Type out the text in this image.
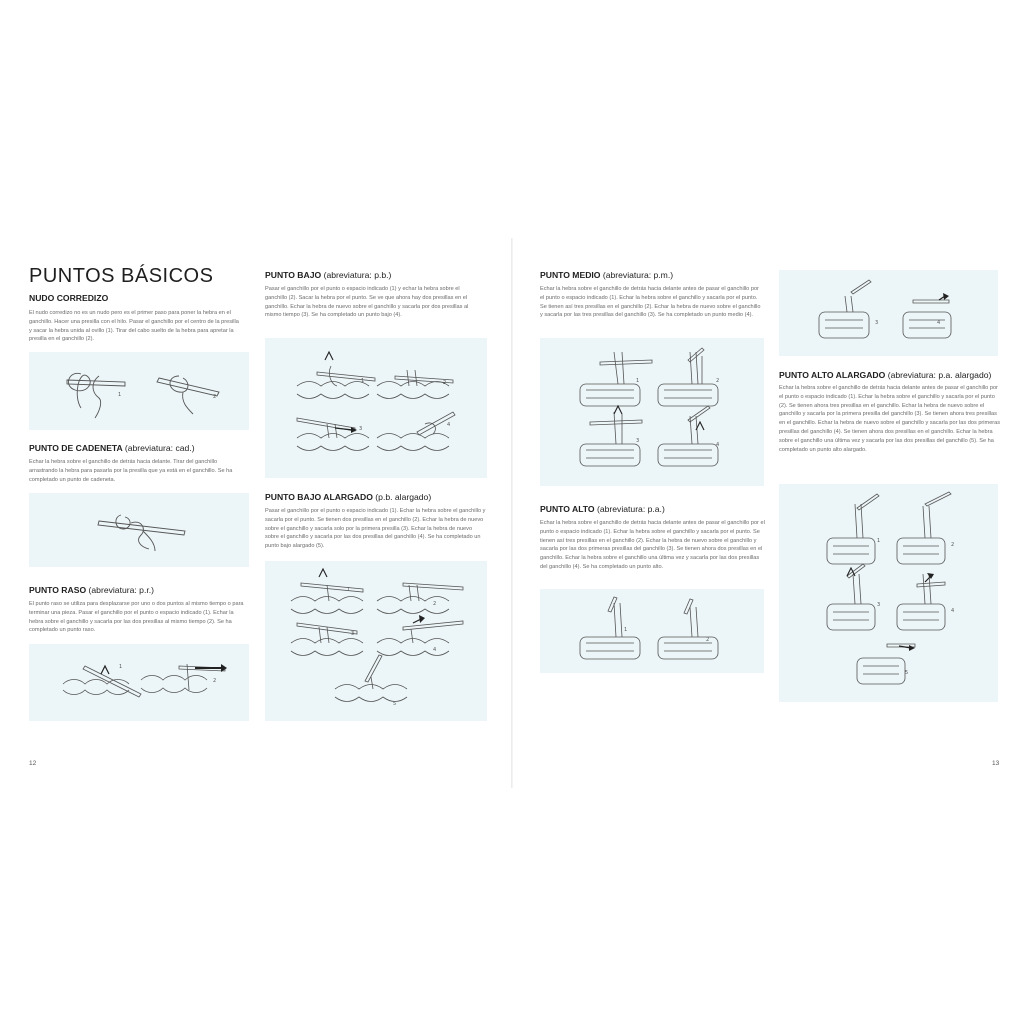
PUNTOS BÁSICOS
NUDO CORREDIZO

El nudo corredizo no es un nudo pero es el primer paso para poner la hebra en el ganchillo. Hacer una presilla con el hilo. Pasar el ganchillo por el centro de la presilla y sacar la hebra unida al ovillo (1). Tirar del cabo suelto de la hebra para apretar la presilla en el ganchillo (2).

1	2
PUNTO DE CADENETA (abreviatura: cad.)

Echar la hebra sobre el ganchillo de detrás hacia delante. Tirar del ganchillo arrastrando la hebra para pasarla por la presilla que ya está en el ganchillo. Se ha completado un punto de cadeneta.

PUNTO RASO (abreviatura: p.r.)

El punto raso se utiliza para desplazarse por uno o dos puntos al mismo tiempo o para terminar una pieza. Pasar el ganchillo por el punto o espacio indicado (1). Echar la hebra sobre el ganchillo y sacarla por las dos presillas al mismo tiempo (2). Se ha completado un punto raso.

1
2
12
PUNTO BAJO (abreviatura: p.b.)

Pasar el ganchillo por el punto o espacio indicado (1) y echar la hebra sobre el ganchillo (2). Sacar la hebra por el punto. Se ve que ahora hay dos presillas en el ganchillo. Echar la hebra de nuevo sobre el ganchillo y sacarla por dos presillas al mismo tiempo (3). Se ha completado un punto bajo (4).

1	2
3
4
PUNTO BAJO ALARGADO (p.b. alargado)

Pasar el ganchillo por el punto o espacio indicado (1). Echar la hebra sobre el ganchillo y sacarla por el punto. Se tienen dos presillas en el ganchillo (2). Echar la hebra de nuevo sobre el ganchillo y sacarla solo por la primera presilla (3). Echar la hebra de nuevo sobre el ganchillo y sacarla por las dos presillas del ganchillo (4). Se ha completado un punto bajo alargado (5).

1
2
3
4
5
PUNTO MEDIO (abreviatura: p.m.)

Echar la hebra sobre el ganchillo de detrás hacia delante antes de pasar el ganchillo por el punto o espacio indicado (1). Echar la hebra sobre el ganchillo y sacarla por el punto. Se tienen así tres presillas en el ganchillo (2). Echar la hebra de nuevo sobre el ganchillo y sacarla por las tres presillas del ganchillo (3). Se ha completado un punto medio (4).

1	2
3
4
PUNTO ALTO (abreviatura: p.a.)

Echar la hebra sobre el ganchillo de detrás hacia delante antes de pasar el ganchillo por el punto o espacio indicado (1). Echar la hebra sobre el ganchillo y sacarla por el punto. Se tienen así tres presillas en el ganchillo (2). Echar la hebra de nuevo sobre el ganchillo y sacarla por las dos primeras presillas del ganchillo (3). Se tienen ahora dos presillas en el ganchillo. Echar la hebra sobre el ganchillo una última vez y sacarla por las dos presillas del ganchillo (4). Se ha completado un punto alto.

1
2
3	4
PUNTO ALTO ALARGADO (abreviatura: p.a. alargado)

Echar la hebra sobre el ganchillo de detrás hacia delante antes de pasar el ganchillo por el punto o espacio indicado (1). Echar la hebra sobre el ganchillo y sacarla por el punto (2). Se tienen ahora tres presillas en el ganchillo. Echar la hebra de nuevo sobre el ganchillo y sacarla por la primera presilla del ganchillo (3). Se tienen ahora tres presillas en el ganchillo. Echar la hebra de nuevo sobre el ganchillo y sacarla por las dos primeras presillas del ganchillo (4). Se tienen ahora dos presillas en el ganchillo. Echar la hebra sobre el ganchillo una última vez y sacarla por las dos presillas del ganchillo (5). Se ha completado un punto alto alargado.

1
2
3
4
5
13
